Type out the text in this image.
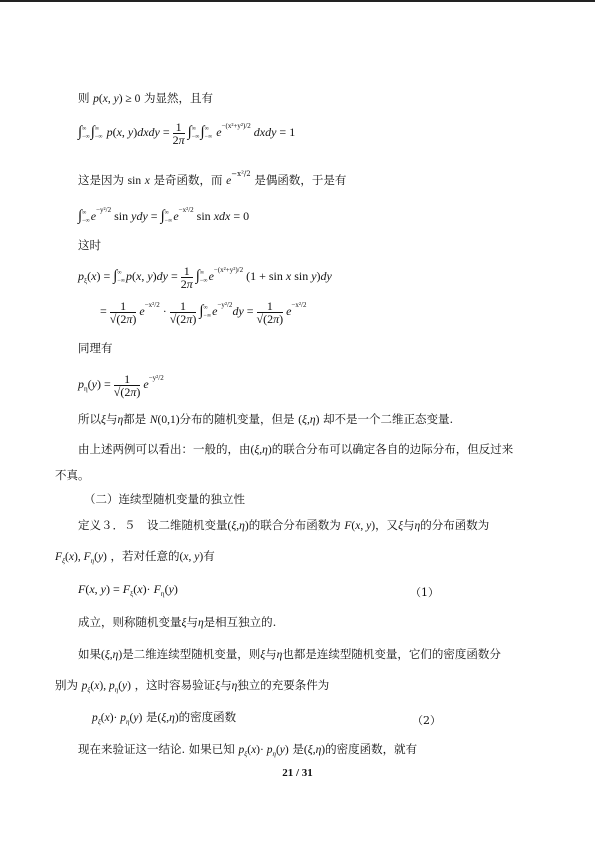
则 p(x, y) ≥ 0 为显然，且有
∫∞
−∞∫∞
−∞ p(x, y)dxdy = $\frac{1}{2\pi}$ ∫∞
−∞∫∞
−∞ $e^{-(x^2+y^2)/2}$ dxdy = 1
这是因为 sin x 是奇函数，而 $e^{-x^2/2}$ 是偶函数，于是有
∫∞
$-\infty e^{-y^2/2}$ sin ydy = ∫∞
$-\infty e^{-x^2/2}$ sin xdx = 0
这时
$p_\xi(x)$ = ∫∞
−∞p(x, $y)dy = \frac{1}{2\pi}$ ∫∞
$-\infty e^{-(x^2+y^2)/2}$ (1 + sin x sin y)dy
= $\frac{1}{√(2\pi)} e^{-x^2/2} \cdot \frac{1}{√(2\pi)}$ ∫∞
$-\infty e^{-y^2/2}dy = \frac{1}{√(2\pi)} e^{-x^2/2}$
同理有
$p_\eta(y) = \frac{1}{√(2\pi)} e^{-y^2/2}$
所以ξ与η都是 N(0,1)分布的随机变量，但是 (ξ,η) 却不是一个二维正态变量.
由上述两例可以看出：一般的，由(ξ,η)的联合分布可以确定各自的边际分布，但反过来
不真。
（二）连续型随机变量的独立性
定义３．５　设二维随机变量(ξ,η)的联合分布函数为 F(x, y)，又ξ与η的分布函数为
$F_\xi(x)$, $F_\eta(y)$ ，若对任意的(x, y)有
F(x, $y) = F_\xi(x)\cdot F_\eta(y)$	（1）
成立，则称随机变量ξ与η是相互独立的.
如果(ξ,η)是二维连续型随机变量，则ξ与η也都是连续型随机变量，它们的密度函数分
别为 $p_\xi(x)$, $p_\eta(y)$ ，这时容易验证ξ与η独立的充要条件为
$p_\xi(x)\cdot p_\eta(y)$ 是(ξ,η)的密度函数	（2）
现在来验证这一结论. 如果已知 $p_\xi(x)\cdot p_\eta(y)$ 是(ξ,η)的密度函数，就有
21 / 31
